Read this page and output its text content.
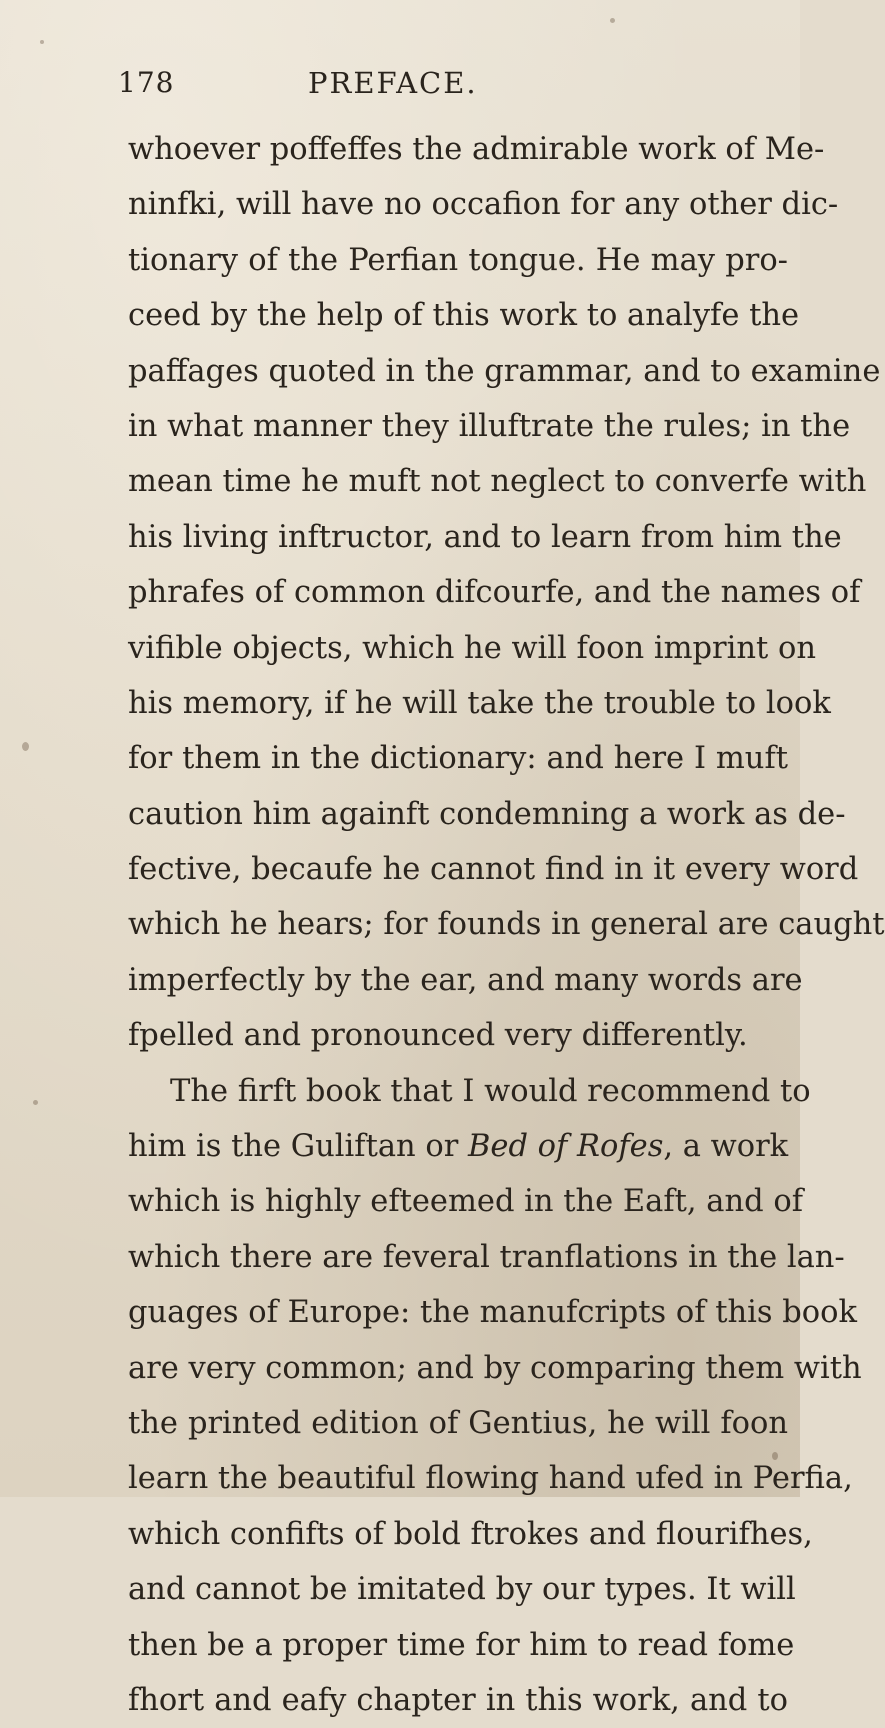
178	PREFACE.
whoever poffeffes the admirable work of Me-
ninfki, will have no occafion for any other dic-
tionary of the Perfian tongue. He may pro-
ceed by the help of this work to analyfe the
paffages quoted in the grammar, and to examine
in what manner they illuftrate the rules; in the
mean time he muft not neglect to converfe with
his living inftructor, and to learn from him the
phrafes of common difcourfe, and the names of
vifible objects, which he will foon imprint on
his memory, if he will take the trouble to look
for them in the dictionary: and here I muft
caution him againft condemning a work as de-
fective, becaufe he cannot find in it every word
which he hears; for founds in general are caught
imperfectly by the ear, and many words are
fpelled and pronounced very differently.
The firft book that I would recommend to
him is the Guliftan or Bed of Rofes, a work
which is highly efteemed in the Eaft, and of
which there are feveral tranflations in the lan-
guages of Europe: the manufcripts of this book
are very common; and by comparing them with
the printed edition of Gentius, he will foon
learn the beautiful flowing hand ufed in Perfia,
which confifts of bold ftrokes and flourifhes,
and cannot be imitated by our types. It will
then be a proper time for him to read fome
fhort and eafy chapter in this work, and to
